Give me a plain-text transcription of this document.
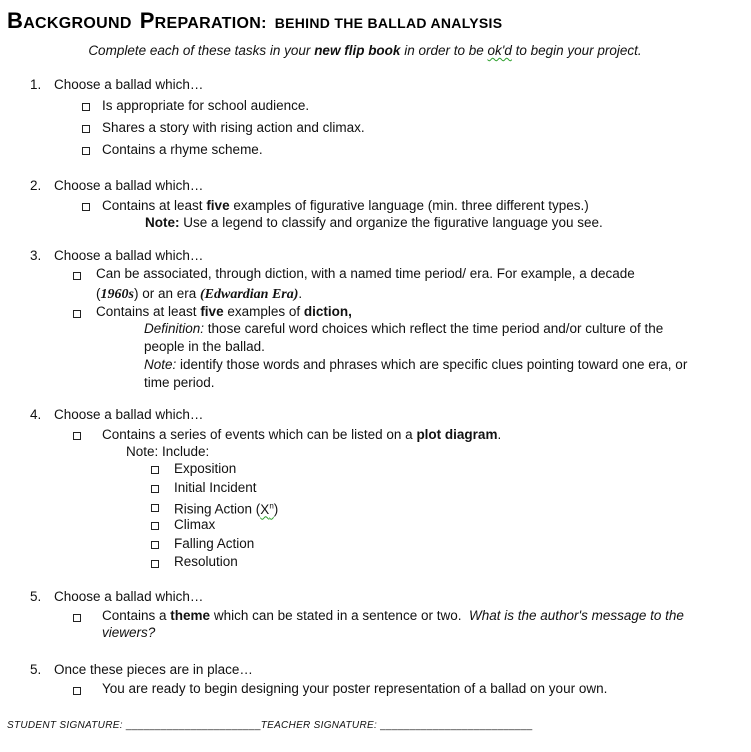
BACKGROUND PREPARATION: BEHIND THE BALLAD ANALYSIS
Complete each of these tasks in your new flip book in order to be ok'd to begin your project.
1. Choose a ballad which…
Is appropriate for school audience.
Shares a story with rising action and climax.
Contains a rhyme scheme.
2. Choose a ballad which…
Contains at least five examples of figurative language (min. three different types.)
Note: Use a legend to classify and organize the figurative language you see.
3. Choose a ballad which…
Can be associated, through diction, with a named time period/ era. For example, a decade
(1960s) or an era (Edwardian Era).
Contains at least five examples of diction,
Definition: those careful word choices which reflect the time period and/or culture of the
people in the ballad.
Note: identify those words and phrases which are specific clues pointing toward one era, or
time period.
4. Choose a ballad which…
Contains a series of events which can be listed on a plot diagram.
Note: Include:
Exposition
Initial Incident
Rising Action $(X^n)$
Climax
Falling Action
Resolution
5. Choose a ballad which…
Contains a theme which can be stated in a sentence or two.  What is the author's message to the
viewers?
5. Once these pieces are in place…
You are ready to begin designing your poster representation of a ballad on your own.
STUDENT SIGNATURE: _______________________TEACHER SIGNATURE: __________________________
